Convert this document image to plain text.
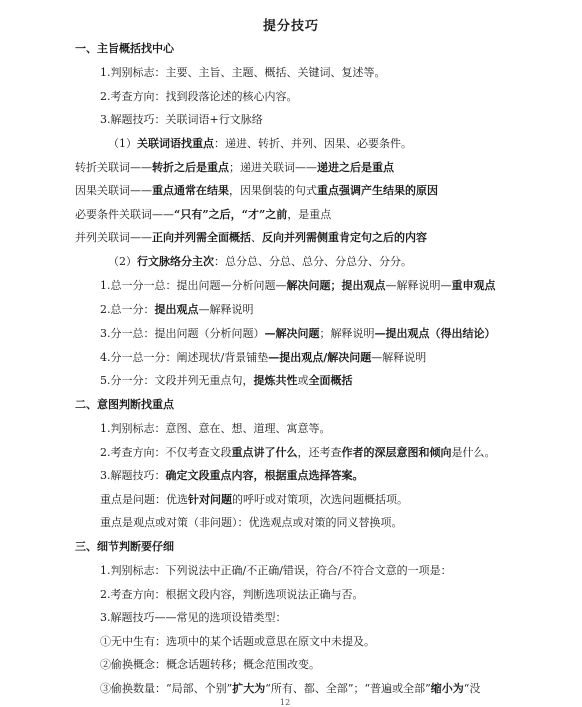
提分技巧
一、主旨概括找中心
1.判别标志：主要、主旨、主题、概括、关键词、复述等。
2.考查方向：找到段落论述的核心内容。
3.解题技巧：关联词语+行文脉络
（1）关联词语找重点：递进、转折、并列、因果、必要条件。
转折关联词——转折之后是重点；递进关联词——递进之后是重点
因果关联词——重点通常在结果，因果倒装的句式重点强调产生结果的原因
必要条件关联词——“只有”之后，“才”之前，是重点
并列关联词——正向并列需全面概括、反向并列需侧重肯定句之后的内容
（2）行文脉络分主次：总分总、分总、总分、分总分、分分。
1.总一分一总：提出问题—分析问题—解决问题；提出观点—解释说明—重申观点
2.总一分：提出观点—解释说明
3.分一总：提出问题（分析问题）—解决问题；解释说明—提出观点（得出结论）
4.分一总一分：阐述现状/背景铺垫—提出观点/解决问题—解释说明
5.分一分：文段并列无重点句，提炼共性或全面概括
二、意图判断找重点
1.判别标志：意图、意在、想、道理、寓意等。
2.考查方向：不仅考查文段重点讲了什么，还考查作者的深层意图和倾向是什么。
3.解题技巧：确定文段重点内容，根据重点选择答案。
重点是问题：优选针对问题的呼吁或对策项，次选问题概括项。
重点是观点或对策（非问题）：优选观点或对策的同义替换项。
三、细节判断要仔细
1.判别标志：下列说法中正确/不正确/错误，符合/不符合文意的一项是：
2.考查方向：根据文段内容，判断选项说法正确与否。
3.解题技巧——常见的选项设错类型：
①无中生有：选项中的某个话题或意思在原文中未提及。
②偷换概念：概念话题转移；概念范围改变。
③偷换数量：“局部、个别”扩大为“所有、都、全部”；“普遍或全部”缩小为“没
12
